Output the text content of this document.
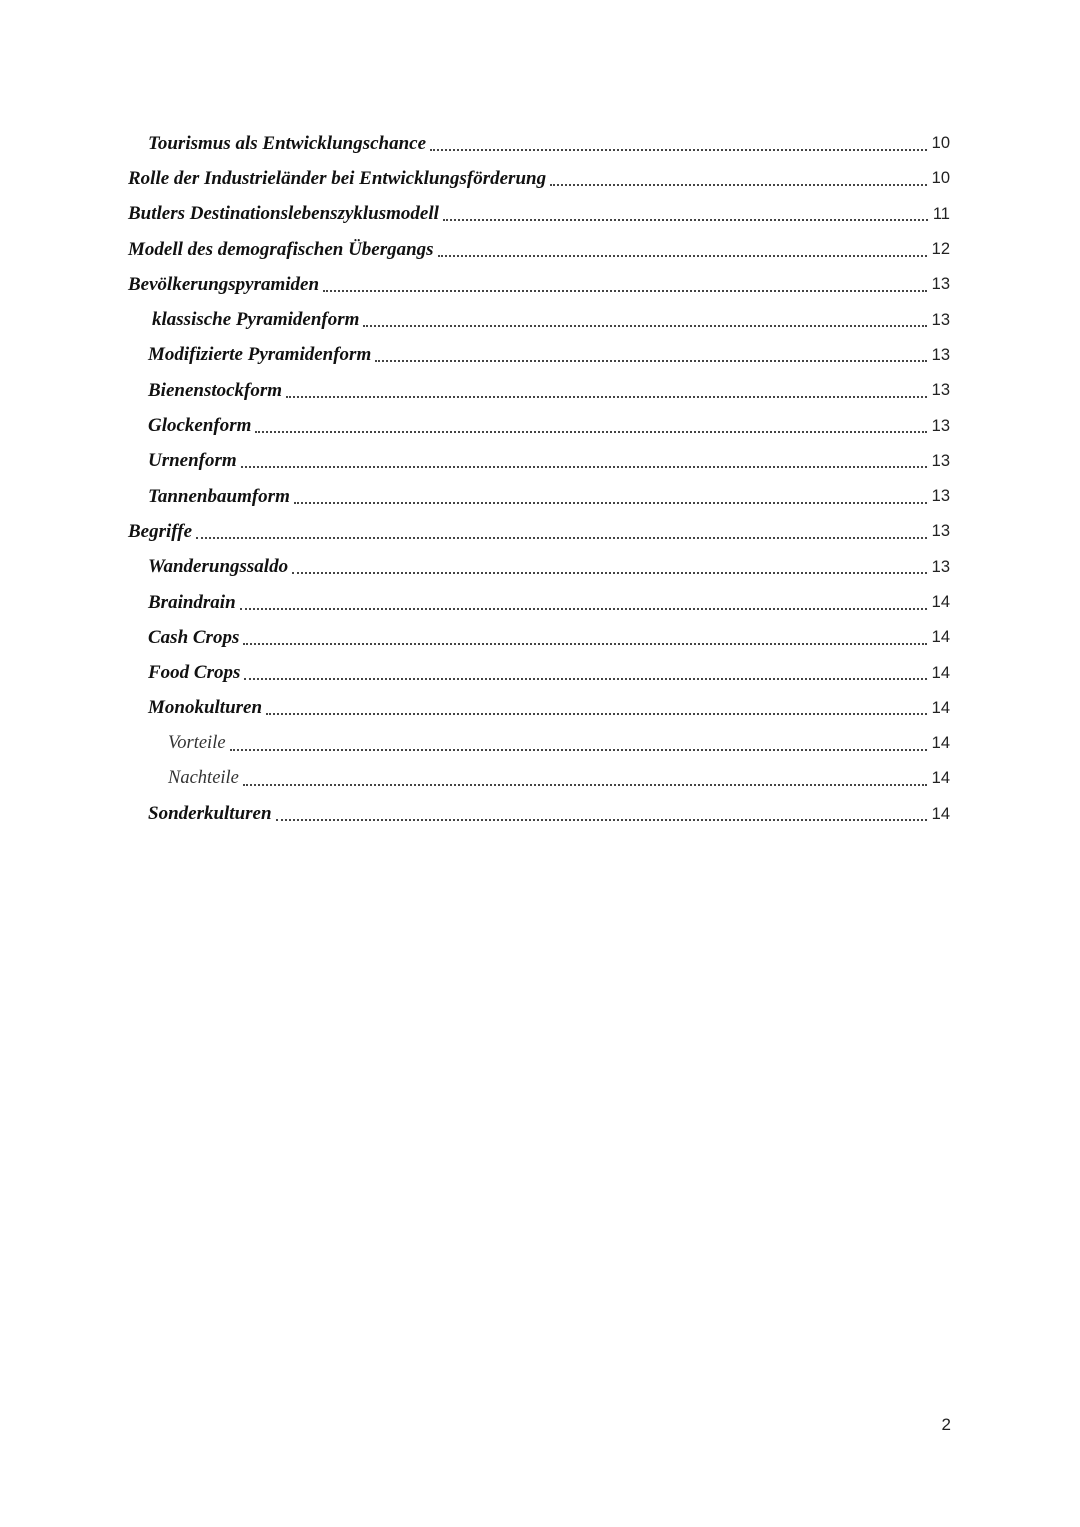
Tourismus als Entwicklungschance	10
Rolle der Industrieländer bei Entwicklungsförderung	10
Butlers Destinationslebenszyklusmodell	11
Modell des demografischen Übergangs	12
Bevölkerungspyramiden	13
klassische Pyramidenform	13
Modifizierte Pyramidenform	13
Bienenstockform	13
Glockenform	13
Urnenform	13
Tannenbaumform	13
Begriffe	13
Wanderungssaldo	13
Braindrain	14
Cash Crops	14
Food Crops	14
Monokulturen	14
Vorteile	14
Nachteile	14
Sonderkulturen	14
2
